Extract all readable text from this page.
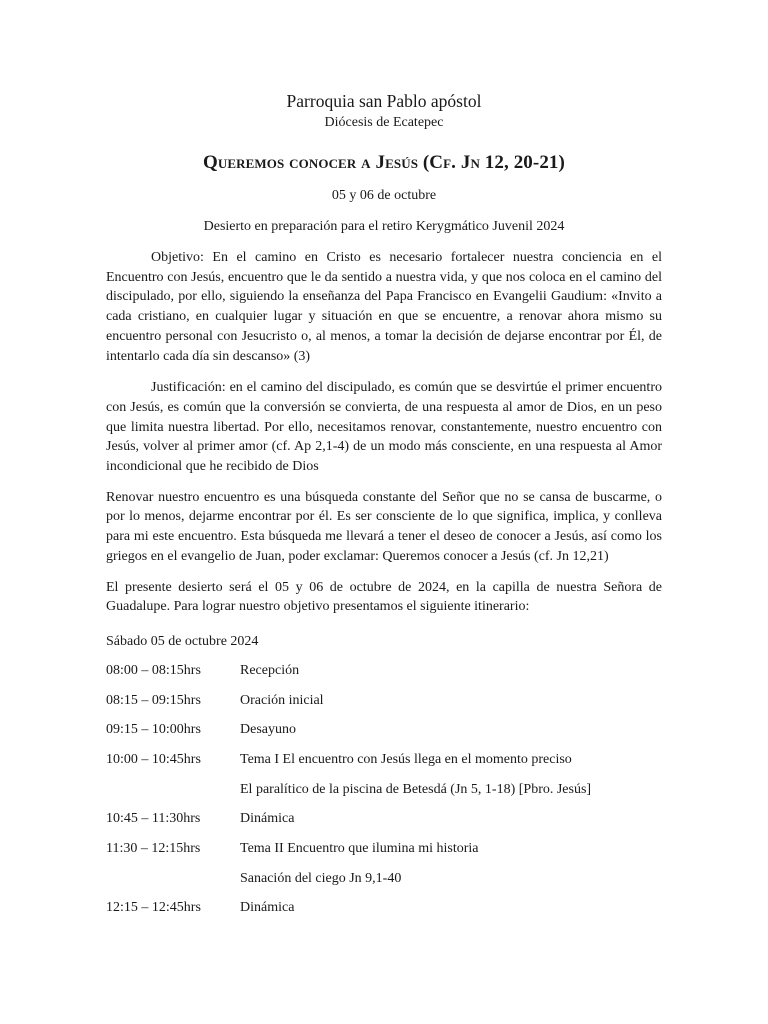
Parroquia san Pablo apóstol

Diócesis de Ecatepec

Queremos conocer a Jesús (Cf. Jn 12, 20-21)

05 y 06 de octubre

Desierto en preparación para el retiro Kerygmático Juvenil 2024

Objetivo: En el camino en Cristo es necesario fortalecer nuestra conciencia en el Encuentro con Jesús, encuentro que le da sentido a nuestra vida, y que nos coloca en el camino del discipulado, por ello, siguiendo la enseñanza del Papa Francisco en Evangelii Gaudium: «Invito a cada cristiano, en cualquier lugar y situación en que se encuentre, a renovar ahora mismo su encuentro personal con Jesucristo o, al menos, a tomar la decisión de dejarse encontrar por Él, de intentarlo cada día sin descanso» (3)

Justificación: en el camino del discipulado, es común que se desvirtúe el primer encuentro con Jesús, es común que la conversión se convierta, de una respuesta al amor de Dios, en un peso que limita nuestra libertad. Por ello, necesitamos renovar, constantemente, nuestro encuentro con Jesús, volver al primer amor (cf. Ap 2,1-4) de un modo más consciente, en una respuesta al Amor incondicional que he recibido de Dios

Renovar nuestro encuentro es una búsqueda constante del Señor que no se cansa de buscarme, o por lo menos, dejarme encontrar por él. Es ser consciente de lo que significa, implica, y conlleva para mi este encuentro. Esta búsqueda me llevará a tener el deseo de conocer a Jesús, así como los griegos en el evangelio de Juan, poder exclamar: Queremos conocer a Jesús (cf. Jn 12,21)

El presente desierto será el 05 y 06 de octubre de 2024, en la capilla de nuestra Señora de Guadalupe. Para lograr nuestro objetivo presentamos el siguiente itinerario:

Sábado 05 de octubre 2024

08:00 – 08:15hrs	Recepción
08:15 – 09:15hrs	Oración inicial
09:15 – 10:00hrs	Desayuno
10:00 – 10:45hrs	Tema I El encuentro con Jesús llega en el momento preciso
El paralítico de la piscina de Betesdá (Jn 5, 1-18) [Pbro. Jesús]
10:45 – 11:30hrs	Dinámica
11:30 – 12:15hrs	Tema II Encuentro que ilumina mi historia
Sanación del ciego Jn 9,1-40
12:15 – 12:45hrs	Dinámica
